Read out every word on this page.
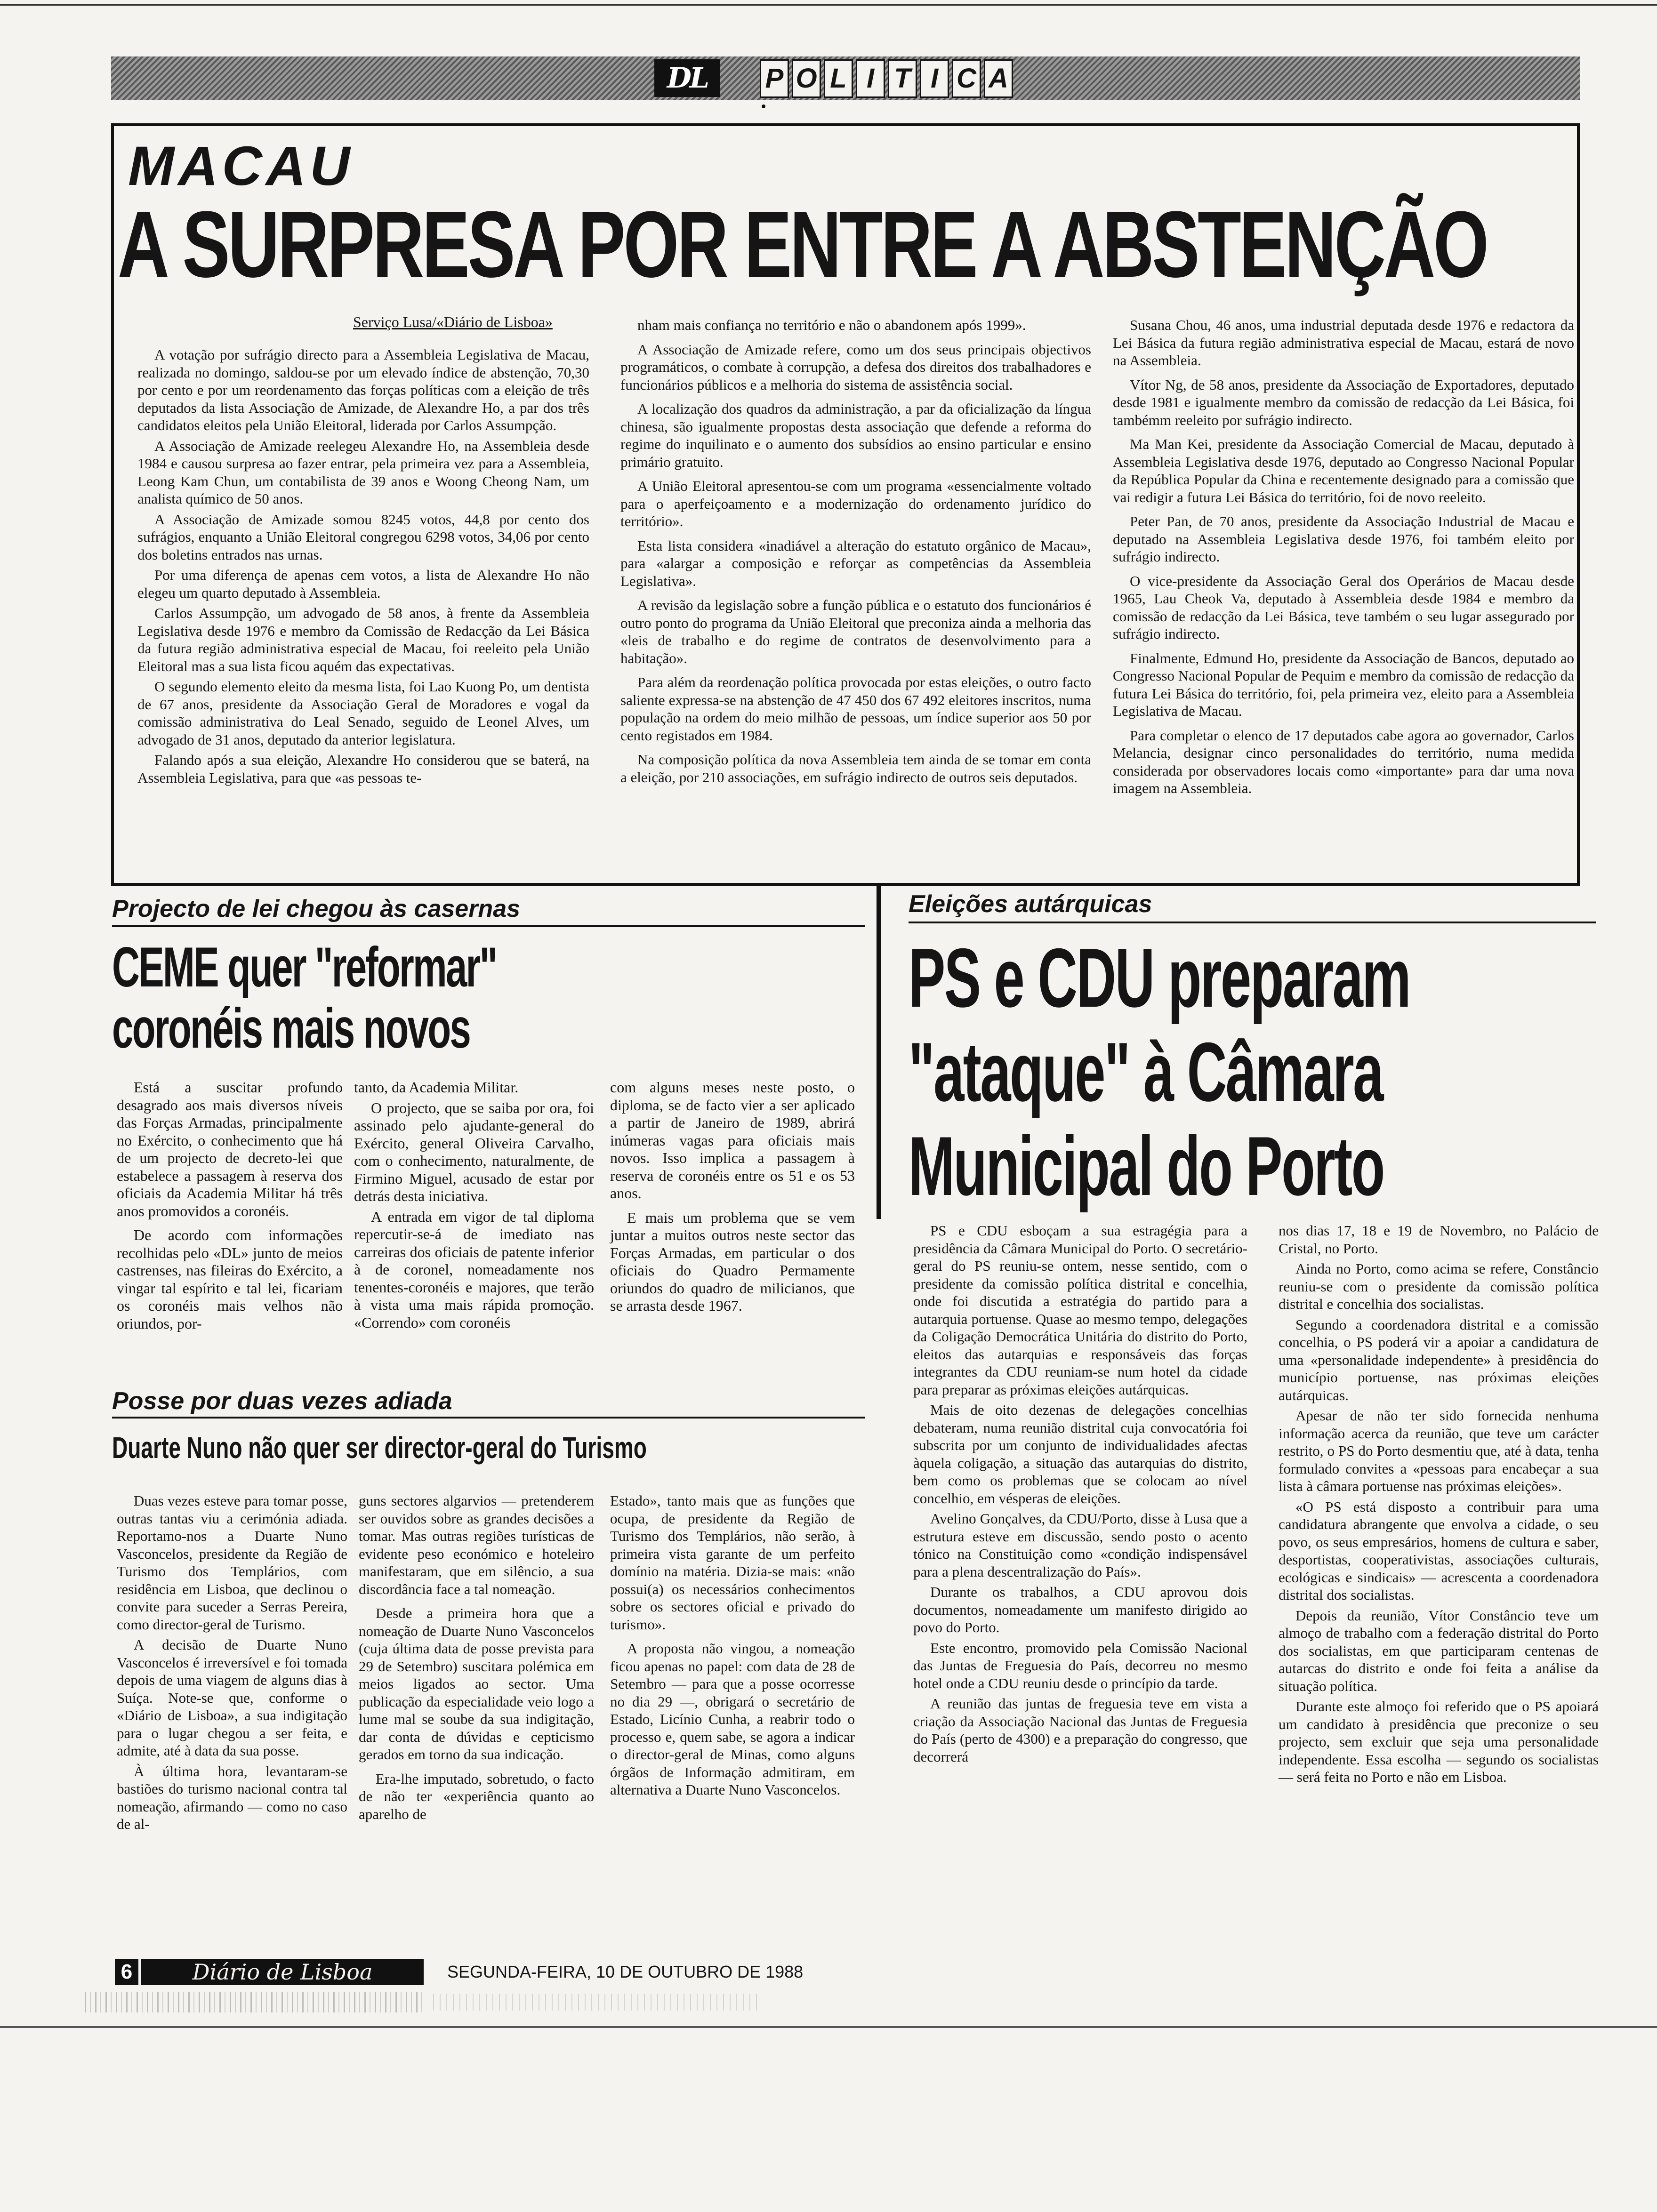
DL	P O L I T I C A
MACAU
A SURPRESA POR ENTRE A ABSTENÇÃO
Serviço Lusa/«Diário de Lisboa»

A votação por sufrágio directo para a Assembleia Legislativa de Macau, realizada no domingo, saldou-se por um elevado índice de abstenção, 70,30 por cento e por um reordenamento das forças políticas com a eleição de três deputados da lista Associação de Amizade, de Alexandre Ho, a par dos três candidatos eleitos pela União Eleitoral, liderada por Carlos Assumpção.

A Associação de Amizade reelegeu Alexandre Ho, na Assembleia desde 1984 e causou surpresa ao fazer entrar, pela primeira vez para a Assembleia, Leong Kam Chun, um contabilista de 39 anos e Woong Cheong Nam, um analista químico de 50 anos.

A Associação de Amizade somou 8245 votos, 44,8 por cento dos sufrágios, enquanto a União Eleitoral congregou 6298 votos, 34,06 por cento dos boletins entrados nas urnas.

Por uma diferença de apenas cem votos, a lista de Alexandre Ho não elegeu um quarto deputado à Assembleia.

Carlos Assumpção, um advogado de 58 anos, à frente da Assembleia Legislativa desde 1976 e membro da Comissão de Redacção da Lei Básica da futura região administrativa especial de Macau, foi reeleito pela União Eleitoral mas a sua lista ficou aquém das expectativas.

O segundo elemento eleito da mesma lista, foi Lao Kuong Po, um dentista de 67 anos, presidente da Associação Geral de Moradores e vogal da comissão administrativa do Leal Senado, seguido de Leonel Alves, um advogado de 31 anos, deputado da anterior legislatura.

Falando após a sua eleição, Alexandre Ho considerou que se baterá, na Assembleia Legislativa, para que «as pessoas te-

nham mais confiança no território e não o abandonem após 1999».

A Associação de Amizade refere, como um dos seus principais objectivos programáticos, o combate à corrupção, a defesa dos direitos dos trabalhadores e funcionários públicos e a melhoria do sistema de assistência social.

A localização dos quadros da administração, a par da oficialização da língua chinesa, são igualmente propostas desta associação que defende a reforma do regime do inquilinato e o aumento dos subsídios ao ensino particular e ensino primário gratuito.

A União Eleitoral apresentou-se com um programa «essencialmente voltado para o aperfeiçoamento e a modernização do ordenamento jurídico do território».

Esta lista considera «inadiável a alteração do estatuto orgânico de Macau», para «alargar a composição e reforçar as competências da Assembleia Legislativa».

A revisão da legislação sobre a função pública e o estatuto dos funcionários é outro ponto do programa da União Eleitoral que preconiza ainda a melhoria das «leis de trabalho e do regime de contratos de desenvolvimento para a habitação».

Para além da reordenação política provocada por estas eleições, o outro facto saliente expressa-se na abstenção de 47 450 dos 67 492 eleitores inscritos, numa população na ordem do meio milhão de pessoas, um índice superior aos 50 por cento registados em 1984.

Na composição política da nova Assembleia tem ainda de se tomar em conta a eleição, por 210 associações, em sufrágio indirecto de outros seis deputados.

Susana Chou, 46 anos, uma industrial deputada desde 1976 e redactora da Lei Básica da futura região administrativa especial de Macau, estará de novo na Assembleia.

Vítor Ng, de 58 anos, presidente da Associação de Exportadores, deputado desde 1981 e igualmente membro da comissão de redacção da Lei Básica, foi tambémm reeleito por sufrágio indirecto.

Ma Man Kei, presidente da Associação Comercial de Macau, deputado à Assembleia Legislativa desde 1976, deputado ao Congresso Nacional Popular da República Popular da China e recentemente designado para a comissão que vai redigir a futura Lei Básica do território, foi de novo reeleito.

Peter Pan, de 70 anos, presidente da Associação Industrial de Macau e deputado na Assembleia Legislativa desde 1976, foi também eleito por sufrágio indirecto.

O vice-presidente da Associação Geral dos Operários de Macau desde 1965, Lau Cheok Va, deputado à Assembleia desde 1984 e membro da comissão de redacção da Lei Básica, teve também o seu lugar assegurado por sufrágio indirecto.

Finalmente, Edmund Ho, presidente da Associação de Bancos, deputado ao Congresso Nacional Popular de Pequim e membro da comissão de redacção da futura Lei Básica do território, foi, pela primeira vez, eleito para a Assembleia Legislativa de Macau.

Para completar o elenco de 17 deputados cabe agora ao governador, Carlos Melancia, designar cinco personalidades do território, numa medida considerada por observadores locais como «importante» para dar uma nova imagem na Assembleia.

Projecto de lei chegou às casernas
CEME quer "reformar"
coronéis mais novos

Está a suscitar profundo desagrado aos mais diversos níveis das Forças Armadas, principalmente no Exército, o conhecimento que há de um projecto de decreto-lei que estabelece a passagem à reserva dos oficiais da Academia Militar há três anos promovidos a coronéis.

De acordo com informações recolhidas pelo «DL» junto de meios castrenses, nas fileiras do Exército, a vingar tal espírito e tal lei, ficariam os coronéis mais velhos não oriundos, por-

tanto, da Academia Militar.

O projecto, que se saiba por ora, foi assinado pelo ajudante-general do Exército, general Oliveira Carvalho, com o conhecimento, naturalmente, de Firmino Miguel, acusado de estar por detrás desta iniciativa.

A entrada em vigor de tal diploma repercutir-se-á de imediato nas carreiras dos oficiais de patente inferior à de coronel, nomeadamente nos tenentes-coronéis e majores, que terão à vista uma mais rápida promoção. «Correndo» com coronéis

com alguns meses neste posto, o diploma, se de facto vier a ser aplicado a partir de Janeiro de 1989, abrirá inúmeras vagas para oficiais mais novos. Isso implica a passagem à reserva de coronéis entre os 51 e os 53 anos.

E mais um problema que se vem juntar a muitos outros neste sector das Forças Armadas, em particular o dos oficiais do Quadro Permamente oriundos do quadro de milicianos, que se arrasta desde 1967.

Posse por duas vezes adiada
Duarte Nuno não quer ser director-geral do Turismo

Duas vezes esteve para tomar posse, outras tantas viu a cerimónia adiada. Reportamo-nos a Duarte Nuno Vasconcelos, presidente da Região de Turismo dos Templários, com residência em Lisboa, que declinou o convite para suceder a Serras Pereira, como director-geral de Turismo.

A decisão de Duarte Nuno Vasconcelos é irreversível e foi tomada depois de uma viagem de alguns dias à Suíça. Note-se que, conforme o «Diário de Lisboa», a sua indigitação para o lugar chegou a ser feita, e admite, até à data da sua posse.

À última hora, levantaram-se bastiões do turismo nacional contra tal nomeação, afirmando — como no caso de al-

guns sectores algarvios — pretenderem ser ouvidos sobre as grandes decisões a tomar. Mas outras regiões turísticas de evidente peso económico e hoteleiro manifestaram, que em silêncio, a sua discordância face a tal nomeação.

Desde a primeira hora que a nomeação de Duarte Nuno Vasconcelos (cuja última data de posse prevista para 29 de Setembro) suscitara polémica em meios ligados ao sector. Uma publicação da especialidade veio logo a lume mal se soube da sua indigitação, dar conta de dúvidas e cepticismo gerados em torno da sua indicação.

Era-lhe imputado, sobretudo, o facto de não ter «experiência quanto ao aparelho de

Estado», tanto mais que as funções que ocupa, de presidente da Região de Turismo dos Templários, não serão, à primeira vista garante de um perfeito domínio na matéria. Dizia-se mais: «não possui(a) os necessários conhecimentos sobre os sectores oficial e privado do turismo».

A proposta não vingou, a nomeação ficou apenas no papel: com data de 28 de Setembro — para que a posse ocorresse no dia 29 —, obrigará o secretário de Estado, Licínio Cunha, a reabrir todo o processo e, quem sabe, se agora a indicar o director-geral de Minas, como alguns órgãos de Informação admitiram, em alternativa a Duarte Nuno Vasconcelos.

Eleições autárquicas
PS e CDU preparam
"ataque" à Câmara
Municipal do Porto

PS e CDU esboçam a sua estragégia para a presidência da Câmara Municipal do Porto. O secretário-geral do PS reuniu-se ontem, nesse sentido, com o presidente da comissão política distrital e concelhia, onde foi discutida a estratégia do partido para a autarquia portuense. Quase ao mesmo tempo, delegações da Coligação Democrática Unitária do distrito do Porto, eleitos das autarquias e responsáveis das forças integrantes da CDU reuniam-se num hotel da cidade para preparar as próximas eleições autárquicas.

Mais de oito dezenas de delegações concelhias debateram, numa reunião distrital cuja convocatória foi subscrita por um conjunto de individualidades afectas àquela coligação, a situação das autarquias do distrito, bem como os problemas que se colocam ao nível concelhio, em vésperas de eleições.

Avelino Gonçalves, da CDU/Porto, disse à Lusa que a estrutura esteve em discussão, sendo posto o acento tónico na Constituição como «condição indispensável para a plena descentralização do País».

Durante os trabalhos, a CDU aprovou dois documentos, nomeadamente um manifesto dirigido ao povo do Porto.

Este encontro, promovido pela Comissão Nacional das Juntas de Freguesia do País, decorreu no mesmo hotel onde a CDU reuniu desde o princípio da tarde.

A reunião das juntas de freguesia teve em vista a criação da Associação Nacional das Juntas de Freguesia do País (perto de 4300) e a preparação do congresso, que decorrerá

nos dias 17, 18 e 19 de Novembro, no Palácio de Cristal, no Porto.

Ainda no Porto, como acima se refere, Constâncio reuniu-se com o presidente da comissão política distrital e concelhia dos socialistas.

Segundo a coordenadora distrital e a comissão concelhia, o PS poderá vir a apoiar a candidatura de uma «personalidade independente» à presidência do município portuense, nas próximas eleições autárquicas.

Apesar de não ter sido fornecida nenhuma informação acerca da reunião, que teve um carácter restrito, o PS do Porto desmentiu que, até à data, tenha formulado convites a «pessoas para encabeçar a sua lista à câmara portuense nas próximas eleições».

«O PS está disposto a contribuir para uma candidatura abrangente que envolva a cidade, o seu povo, os seus empresários, homens de cultura e saber, desportistas, cooperativistas, associações culturais, ecológicas e sindicais» — acrescenta a coordenadora distrital dos socialistas.

Depois da reunião, Vítor Constâncio teve um almoço de trabalho com a federação distrital do Porto dos socialistas, em que participaram centenas de autarcas do distrito e onde foi feita a análise da situação política.

Durante este almoço foi referido que o PS apoiará um candidato à presidência que preconize o seu projecto, sem excluir que seja uma personalidade independente. Essa escolha — segundo os socialistas — será feita no Porto e não em Lisboa.

6	Diário de Lisboa	SEGUNDA-FEIRA, 10 DE OUTUBRO DE 1988
